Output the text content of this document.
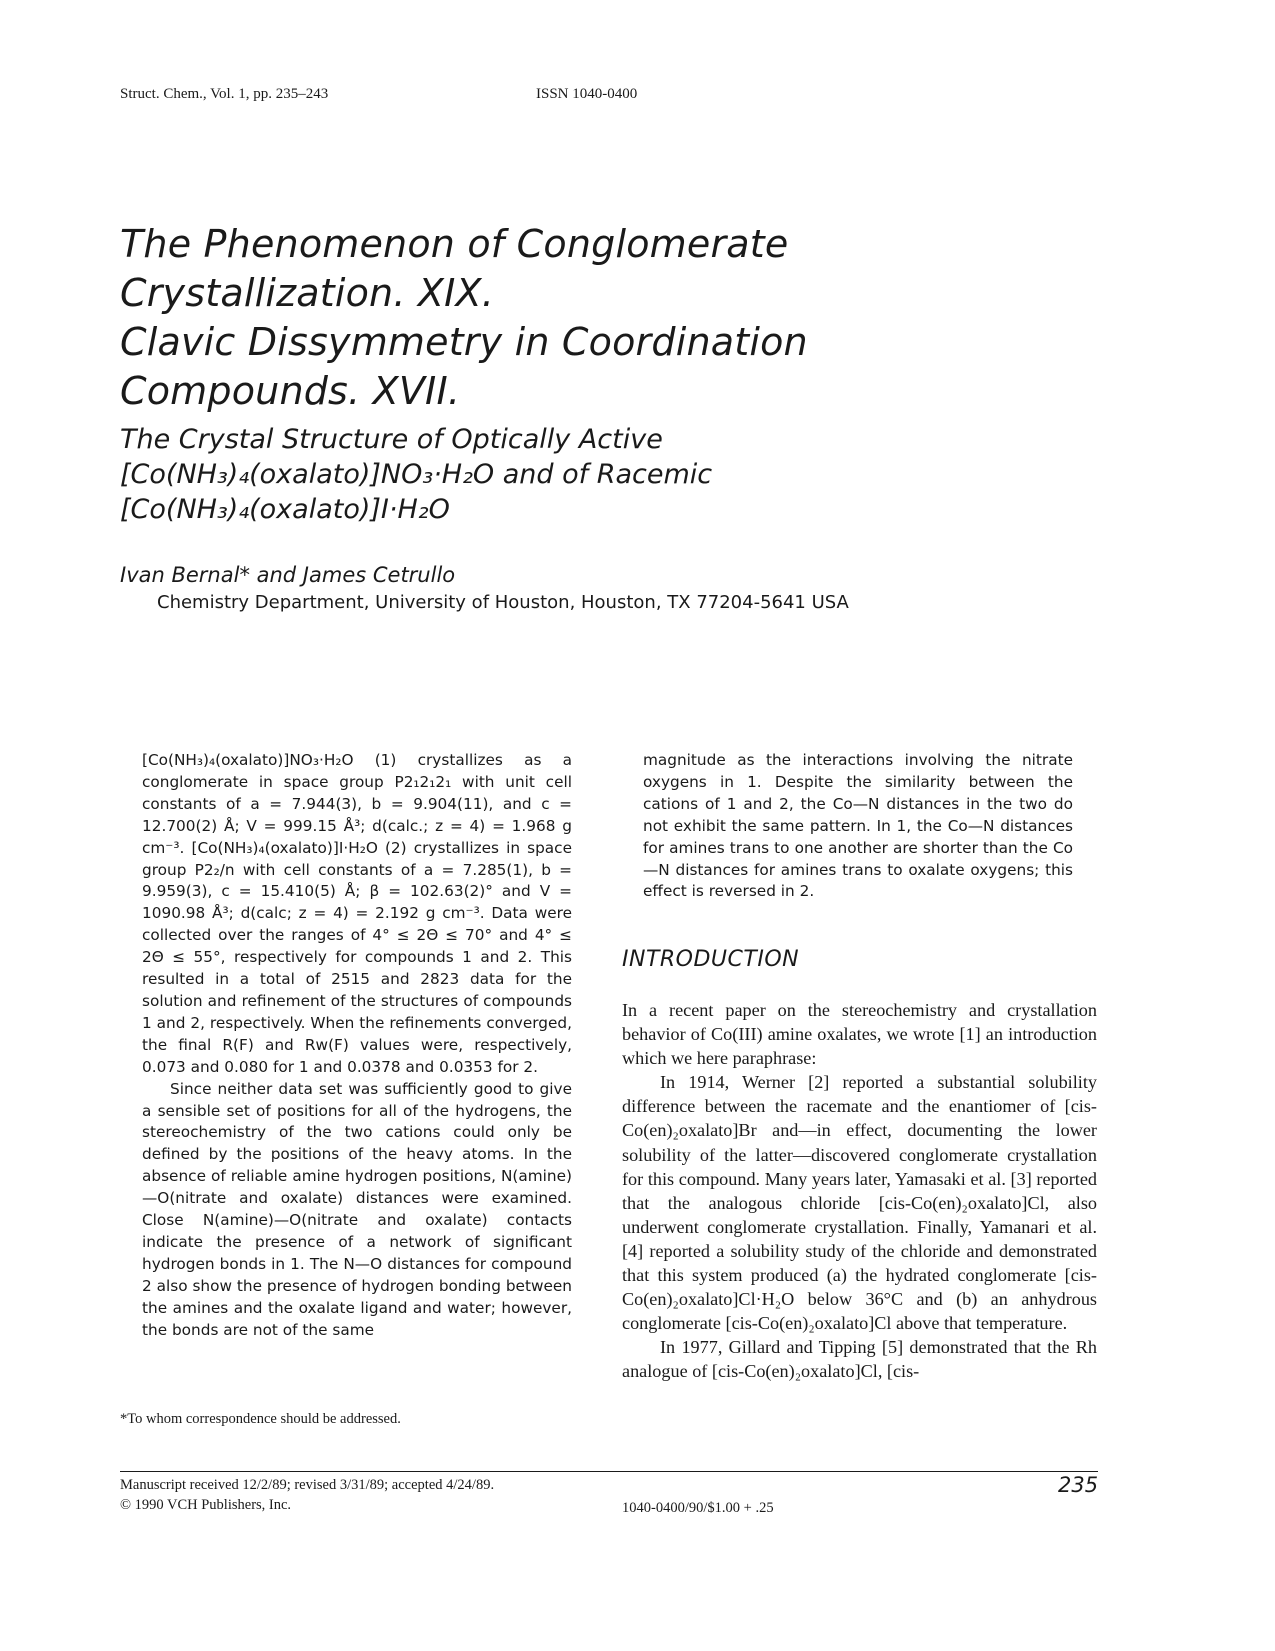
Struct. Chem., Vol. 1, pp. 235–243	ISSN 1040-0400
The Phenomenon of Conglomerate
Crystallization. XIX.
Clavic Dissymmetry in Coordination
Compounds. XVII.
The Crystal Structure of Optically Active
[Co(NH₃)₄(oxalato)]NO₃·H₂O and of Racemic
[Co(NH₃)₄(oxalato)]I·H₂O
Ivan Bernal* and James Cetrullo
Chemistry Department, University of Houston, Houston, TX 77204-5641 USA

[Co(NH₃)₄(oxalato)]NO₃·H₂O (1) crystallizes as a conglomerate in space group P2₁2₁2₁ with unit cell constants of a = 7.944(3), b = 9.904(11), and c = 12.700(2) Å; V = 999.15 Å³; d(calc.; z = 4) = 1.968 g cm⁻³. [Co(NH₃)₄(oxalato)]I·H₂O (2) crystallizes in space group P2₂/n with cell constants of a = 7.285(1), b = 9.959(3), c = 15.410(5) Å; β = 102.63(2)° and V = 1090.98 Å³; d(calc; z = 4) = 2.192 g cm⁻³. Data were collected over the ranges of 4° ≤ 2Θ ≤ 70° and 4° ≤ 2Θ ≤ 55°, respectively for compounds 1 and 2. This resulted in a total of 2515 and 2823 data for the solution and refinement of the structures of compounds 1 and 2, respectively. When the refinements converged, the final R(F) and Rw(F) values were, respectively, 0.073 and 0.080 for 1 and 0.0378 and 0.0353 for 2.

Since neither data set was sufficiently good to give a sensible set of positions for all of the hydrogens, the stereochemistry of the two cations could only be defined by the positions of the heavy atoms. In the absence of reliable amine hydrogen positions, N(amine)—O(nitrate and oxalate) distances were examined. Close N(amine)—O(nitrate and oxalate) contacts indicate the presence of a network of significant hydrogen bonds in 1. The N—O distances for compound 2 also show the presence of hydrogen bonding between the amines and the oxalate ligand and water; however, the bonds are not of the same

magnitude as the interactions involving the nitrate oxygens in 1. Despite the similarity between the cations of 1 and 2, the Co—N distances in the two do not exhibit the same pattern. In 1, the Co—N distances for amines trans to one another are shorter than the Co—N distances for amines trans to oxalate oxygens; this effect is reversed in 2.
INTRODUCTION

In a recent paper on the stereochemistry and crystallation behavior of Co(III) amine oxalates, we wrote [1] an introduction which we here paraphrase:

In 1914, Werner [2] reported a substantial solubility difference between the racemate and the enantiomer of [cis-Co(en)₂oxalato]Br and—in effect, documenting the lower solubility of the latter—discovered conglomerate crystallation for this compound. Many years later, Yamasaki et al. [3] reported that the analogous chloride [cis-Co(en)₂oxalato]Cl, also underwent conglomerate crystallation. Finally, Yamanari et al. [4] reported a solubility study of the chloride and demonstrated that this system produced (a) the hydrated conglomerate [cis-Co(en)₂oxalato]Cl·H₂O below 36°C and (b) an anhydrous conglomerate [cis-Co(en)₂oxalato]Cl above that temperature.

In 1977, Gillard and Tipping [5] demonstrated that the Rh analogue of [cis-Co(en)₂oxalato]Cl, [cis-

*To whom correspondence should be addressed.
Manuscript received 12/2/89; revised 3/31/89; accepted 4/24/89.
© 1990 VCH Publishers, Inc.	1040-0400/90/$1.00 + .25
235
